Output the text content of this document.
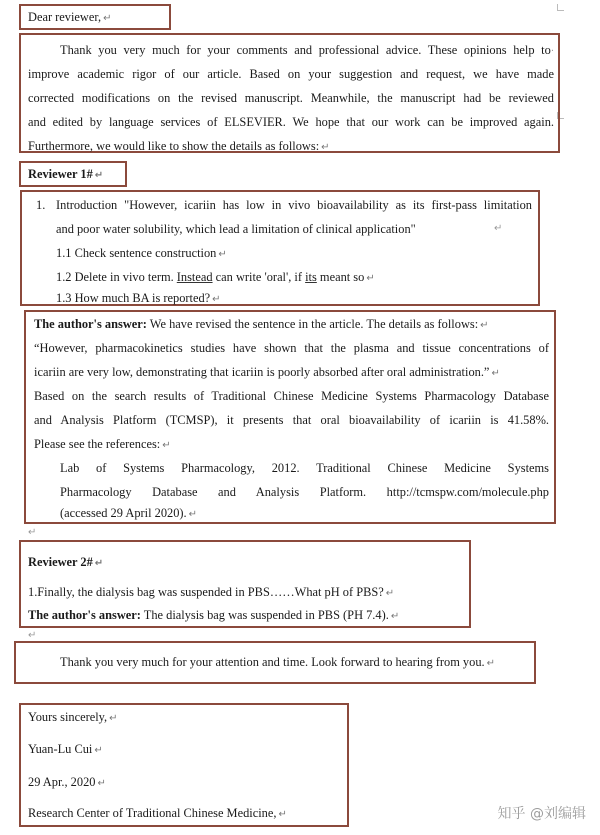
Dear reviewer, ↵
Thank you very much for your comments and professional advice. These opinions help to·
improve academic rigor of our article. Based on your suggestion and request, we have made
corrected modifications on the revised manuscript. Meanwhile, the manuscript had be reviewed
and edited by language services of ELSEVIER. We hope that our work can be improved again.
Furthermore, we would like to show the details as follows: ↵
Reviewer 1# ↵
1. Introduction "However, icariin has low in vivo bioavailability as its first-pass limitation
and poor water solubility, which lead a limitation of clinical application"	↵
1.1 Check sentence construction ↵
1.2 Delete in vivo term. Instead can write 'oral', if its meant so ↵
1.3 How much BA is reported? ↵
The author's answer: We have revised the sentence in the article. The details as follows: ↵
“However, pharmacokinetics studies have shown that the plasma and tissue concentrations of
icariin are very low, demonstrating that icariin is poorly absorbed after oral administration.” ↵
Based on the search results of Traditional Chinese Medicine Systems Pharmacology Database
and Analysis Platform (TCMSP), it presents that oral bioavailability of icariin is 41.58%.
Please see the references: ↵
Lab of Systems Pharmacology, 2012. Traditional Chinese Medicine Systems
Pharmacology Database and Analysis Platform. http://tcmspw.com/molecule.php
(accessed 29 April 2020). ↵
↵
Reviewer 2# ↵
1.Finally, the dialysis bag was suspended in PBS……What pH of PBS? ↵
The author's answer: The dialysis bag was suspended in PBS (PH 7.4). ↵
↵
Thank you very much for your attention and time. Look forward to hearing from you. ↵
Yours sincerely, ↵
Yuan-Lu Cui ↵
29 Apr., 2020 ↵
Research Center of Traditional Chinese Medicine, ↵	知乎 @刘编辑
